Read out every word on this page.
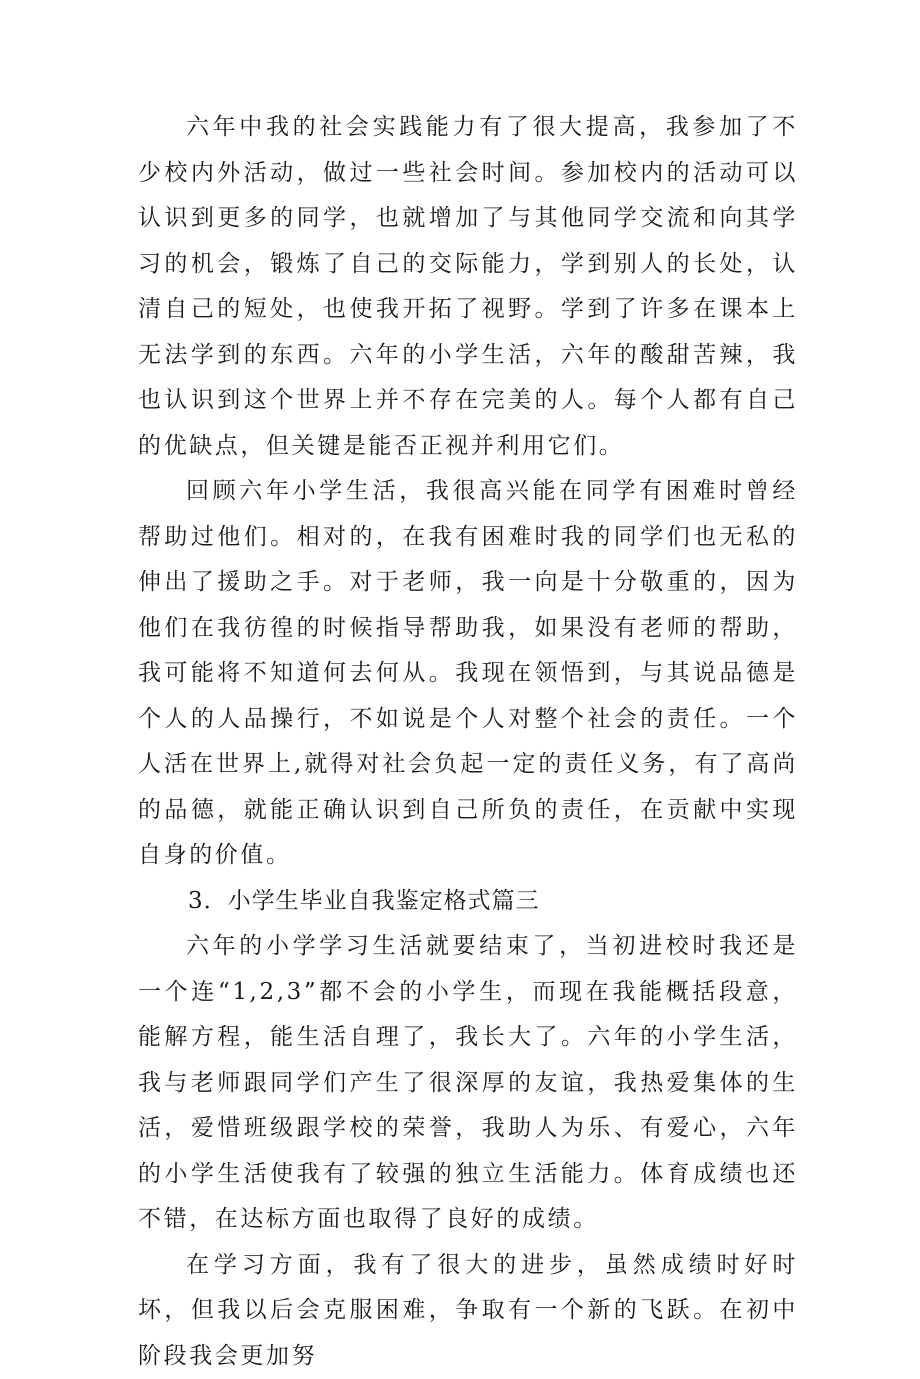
六年中我的社会实践能力有了很大提高，我参加了不少校内外活动，做过一些社会时间。参加校内的活动可以认识到更多的同学，也就增加了与其他同学交流和向其学习的机会，锻炼了自己的交际能力，学到别人的长处，认清自己的短处，也使我开拓了视野。学到了许多在课本上无法学到的东西。六年的小学生活，六年的酸甜苦辣，我也认识到这个世界上并不存在完美的人。每个人都有自己的优缺点，但关键是能否正视并利用它们。

回顾六年小学生活，我很高兴能在同学有困难时曾经帮助过他们。相对的，在我有困难时我的同学们也无私的伸出了援助之手。对于老师，我一向是十分敬重的，因为他们在我彷徨的时候指导帮助我，如果没有老师的帮助，我可能将不知道何去何从。我现在领悟到，与其说品德是个人的人品操行，不如说是个人对整个社会的责任。一个人活在世界上,就得对社会负起一定的责任义务，有了高尚的品德，就能正确认识到自己所负的责任，在贡献中实现自身的价值。

3．小学生毕业自我鉴定格式篇三

六年的小学学习生活就要结束了，当初进校时我还是一个连“1,2,3”都不会的小学生，而现在我能概括段意，能解方程，能生活自理了，我长大了。六年的小学生活，我与老师跟同学们产生了很深厚的友谊，我热爱集体的生活，爱惜班级跟学校的荣誉，我助人为乐、有爱心，六年的小学生活使我有了较强的独立生活能力。体育成绩也还不错，在达标方面也取得了良好的成绩。

在学习方面，我有了很大的进步，虽然成绩时好时坏，但我以后会克服困难，争取有一个新的飞跃。在初中阶段我会更加努
